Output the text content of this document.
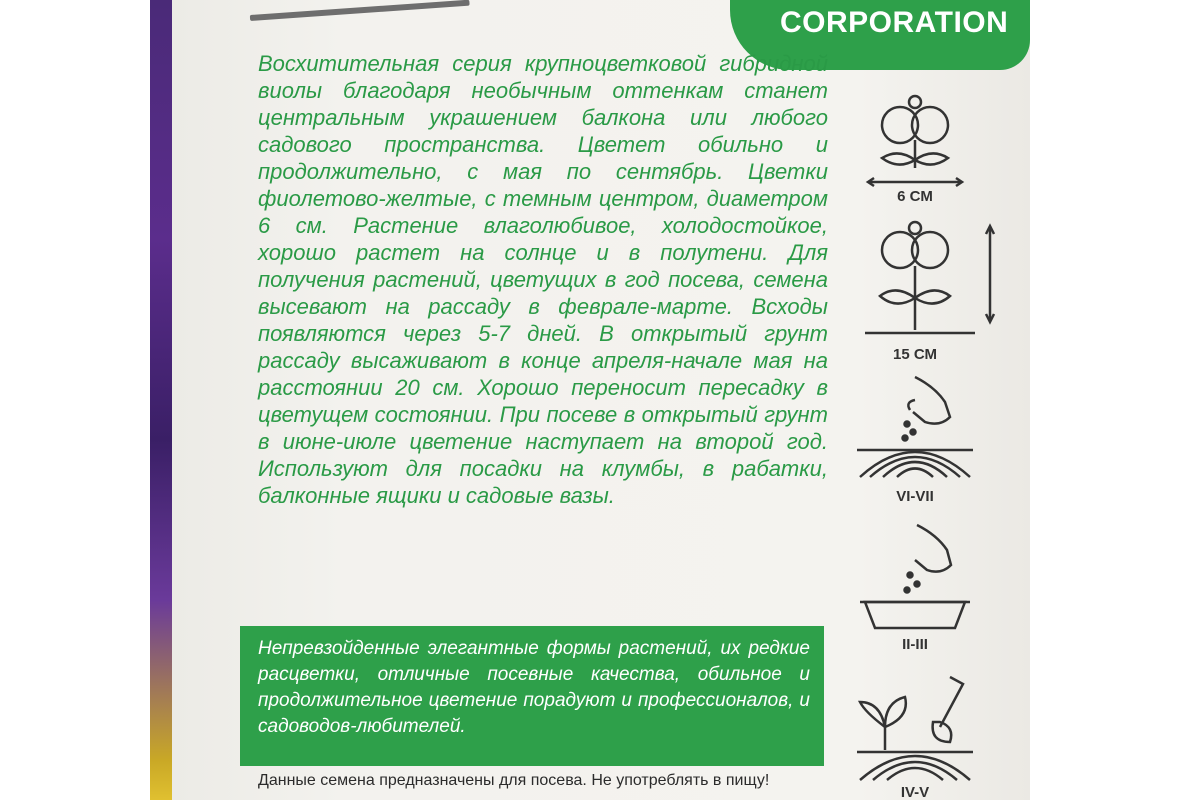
CORPORATION
Восхитительная серия крупноцветковой гибридной виолы благодаря необычным оттенкам станет центральным украшением балкона или любого садового пространства. Цветет обильно и продолжительно, с мая по сентябрь. Цветки фиолетово-желтые, с темным центром, диаметром 6 см. Растение влаголюбивое, холодостойкое, хорошо растет на солнце и в полутени. Для получения растений, цветущих в год посева, семена высевают на рассаду в феврале-марте. Всходы появляются через 5-7 дней. В открытый грунт рассаду высаживают в конце апреля-начале мая на расстоянии 20 см. Хорошо переносит пересадку в цветущем состоянии. При посеве в открытый грунт в июне-июле цветение наступает на второй год. Используют для посадки на клумбы, в рабатки, балконные ящики и садовые вазы.
Непревзойденные элегантные формы растений, их редкие расцветки, отличные посевные качества, обильное и продолжительное цветение порадуют и профессионалов, и садоводов-любителей.
Данные семена предназначены для посева. Не употреблять в пищу!
6 СМ
15 СМ
VI-VII
II-III
IV-V
